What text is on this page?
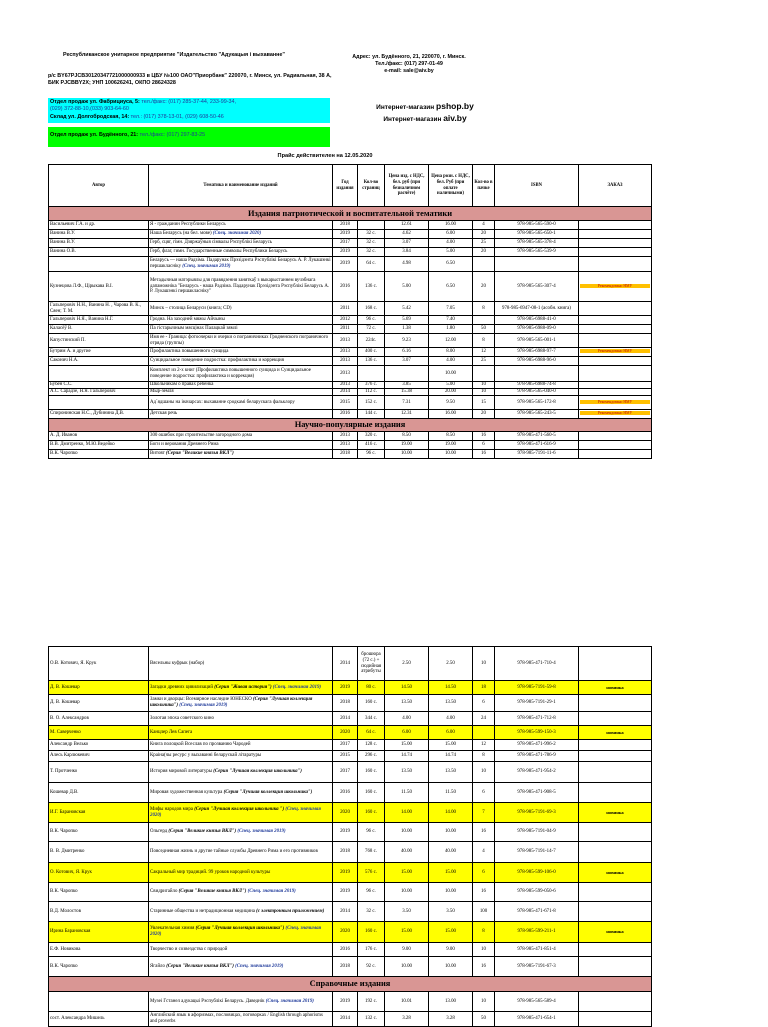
Республиканское унитарное предприятие "Издательство "Адукацыя і выхаванне"
р/с BY67PJCB30120347721000000933 в ЦБУ №100 ОАО"Приорбанк" 220070, г. Минск, ул. Радиальная, 38 А, БИК PJCBBY2X; УНП 100626241, ОКПО 28624328
Адрес: ул. Будённого, 21, 220070, г. Минск.
Тел./факс: (017) 297-01-49
e-mail: sale@aiv.by
Отдел продаж ул. Фабрициуса, 5: тел./факс: (017) 285-37-44, 233-99-34,
(029) 372-88-10,(033) 903-64-60
Склад ул. Долгобродская, 14: тел.: (017) 378-13-01, (029) 608-50-46
Отдел продаж ул. Будённого, 21: тел./факс: (017) 297-83-25
Интернет-магазин pshop.by
Интернет-магазин aiv.by
Прайс действителен на 12.05.2020
Автор	Тематика и наименование изданий	Год издания	Кол-во страниц	Цена изд. с НДС, бел. руб (при безналичном расчёте)	Цена розн. с НДС, бел. Руб (при оплате наличными)	Кол-во в пачке	ISBN	ЗАКАЗ
Издания патриотической и воспитательной тематики								
Васильевич Г.А. и др.	Я - гражданин Республики Беларусь	2018		12.61	16.00	4	978-985-565-590-0	
Ванина В.У.	Наша Беларусь (на бел. мове) (Спец. значимая 2020)	2019	32 с.	4.62	6.00	20	978-985-565-650-1	
Ванина В.У.	Герб, сцяг, гімн. Дзяржаўныя сімвалы Рэспублікі Беларусь	2017	32 с.	3.07	4.00	25	978-985-565-378-4	
Ванина О.В.	Герб, флаг, гимн. Государственные символы Республики Беларусь	2019	32 с.	3.84	5.00	20	978-985-565-539-9	
	Беларусь — наша Радзіма. Падарунак Прэзідэнта Рэспублікі Беларусь А. Р. Лукашэнкі першакласніку (Спец. значимая 2019)	2019	64 с.	4.98	6.50			
Кузнецова Л.Ф., Цірыкава В.І.	Метадычныя матэрыялы для правядзення заняткаў з выкарыстаннем вучэбнага дапаможніка "Беларусь - наша Радзіма. Падарунак Прэзідэнта Рэспублікі Беларусь А. Р. Лукашэнкі першакласніку"	2016	136 с.	5.00	6.50	20	978-985-565-307-4	Рекомендовано НМУ
Гальперовіч Н.Н., Ванина Н. , Чарова В. К., Сяен; Т. М.	Минск – столица Беларуси (книга; CD)	2011	168 с.	5.42	7.05	8	978-985-6947-08-1 (асобн. книга)	
Гальперовіч Н.Я., Ванина Н.Г.	Гродна. На заходней мяжы Айчыны	2012	96 с.	5.69	7.40		978-985-6988-41-0	
Каласёў В.	Па гістарычным мясцінах Палацкай зямлі	2011	72 с.	1.38	1.80	50	978-985-6988-09-0	
Капустинский П.	Имя ее - Граница: фотоочерки и очерки о пограничниках Гродненского пограничного отряда (группы)	2013	224с.	9.23	12.00	8	978-985-565-001-1	
Бутрим А. и другие	Профилактика повышенного суицида	2013	400 с.	6.16	8.00	12	978-985-6988-97-7	Рекомендовано НМУ
Саконич Н.А.	Суицидальное поведение подростка: профилактика и коррекция	2013	136 с.	3.07	4.00	25	978-985-6988-96-0	
	Комплект из 2-х книг (Профилактика повышенного суицида и Суицидальное поведение подростка: профилактика и коррекция)	2013			10.00			
Бубен С.С.	Школьникам о правах ребенка	2013	376 с.	3.85	5.00	10	978-985-6988-74-8	
А.С. Сарадзе, Н.Я. Гальперовіч	Мыр-земля	2014	112 с.	15.38	20.00	10	978-985-565-040-0	
	Ад`ядшаны на іначарсах: выхаванне сродкамі беларускага фальклору	2015	152 с.	7.31	9.50	15	978-985-565-172-8	Рекомендовано НМУ
Спиронинская Н.С., Дубинина Д.В.	Детская речь	2016	144 с.	12.31	16.00	20	978-985-565-243-5	Рекомендовано НМУ
Научно-популярные издания								
А. Д. Иванов	300 ошибок при строительстве загородного дома	2013	320 с.	8.50	8.50	16	978-985-471-560-5	
В.В. Дмитренко, М.Ю.Ведейко	Боги и верования Древнего Рима	2013	416 с.	19.00	19.00	6	978-985-471-616-9	
В.К. Чаропко	Витовт (Серия "Великие князья ВКЛ")	2018	96 с.	10.00	10.00	16	978-985-7191-11-6	
О.В. Котович, Я. Крук	Вясельны куфрык (набор)	2014	брошюра (72 с.) + сюдийная атрибуты	2.50	2.50	10	978-985-471-710-4	
Д. В. Кошевар	Загадки древних цивилизаций (Серия "Живая история") (Спец. значимая 2019)	2019	80 с.	14.50	14.50	18	978-985-7191-59-8	новинка

Д. В. Кошевар	Замки и дворцы: Всемирное наследие ЮНЕСКО (Серия "Лучшая коллекция школьника") (Спец. значимая 2019)	2018	160 с.	13.50	13.50	6	978-985-7191-29-1	
В. О. Александров	Золотая эпоха советского кино	2014	344 с.	4.00	4.00	24	978-985-471-712-8	
М. Саверченко	Канцлер Лев Сапега	2020	64 с.	6.00	6.00		978-985-599-150-3	новинка

Александр Велько	Книга полоцкой Всеслав по прозванию Чародей	2017	128 с.	15.00	15.00	12	978-985-471-996-2	
Алесь Карлюкевич	Краіна(чы ресурс у выхаванні беларускай літаратуры	2015	296 с.	14.74	14.74	8	978-985-471-786-9	
Т. Протченко	История мировой литературы (Серия "Лучшая коллекция школьника")	2017	160 с.	13.50	13.50	10	978-985-471-954-2	
Кошевар Д.В.	Мировая художественная культура (Серия "Лучшая коллекция школьника")	2016	160 с.	11.50	11.50	6	978-985-471-908-5	
И.Г. Барановская	Мифы народов мира (Серия "Лучшая коллекция школьника ") (Спец. значимая 2020)	2020	160 с.	14.00	14.00	7	978-985-7191-69-3	новинка

В.К. Чаропко	Ольгерд (Серия "Великие князья ВКЛ") (Спец. значимая 2019)	2019	96 с.	10.00	10.00	16	978-985-7191-04-9	
В. В. Дмитренко	Повседневная жизнь и другие тайные службы Древнего Рима и его противников	2018	768 с.	40.00	40.00	4	978-985-7191-14-7	
О. Котович, Я. Крук	Сакральный мир традиций. 99 уроков народной культуры	2019	576 с.	15.00	15.00	6	978-985-599-106-0	новинка

В.К. Чаропко	Свидригайло (Серия "Великие князья ВКЛ") (Спец. значимая 2019)	2019	96 с.	10.00	10.00	16	978-985-599-050-6	
В.Д. Молостов	Старинные общества и нетрадиционная медицина (с электронным приложением)	2014	32 с.	3.50	3.50	100	978-985-471-671-8	
Ирина Барановская	Увлекательная химия (Серия "Лучшая коллекция школьника") (Спец. значимая 2020)	2020	160 с.	15.00	15.00	8	978-985-599-211-1	новинка

Е.Ф. Новикова	Творчество и созвездства с природой	2016	176 с.	9.00	9.00	10	978-985-471-851-4	
В.К. Чаропко	Ягайло (Серия "Великие князья ВКЛ") (Спец. значимая 2019)	2018	92 с.	10.00	10.00	16	978-985-7191-67-3	
Справочные издания								
	Музеі Гстанел адукацыі Рэспублікі Беларусь. Даведнік (Спец. значимая 2019)	2019	192 с.	10.01	13.00	10	978-985-565-589-4	
сост. Александра Мишель	Английский язык в афоризмах, пословицах, поговорках / English through aphorisms and proverbs	2014	132 с.	3.28	3.28	50	978-985-471-654-1	
